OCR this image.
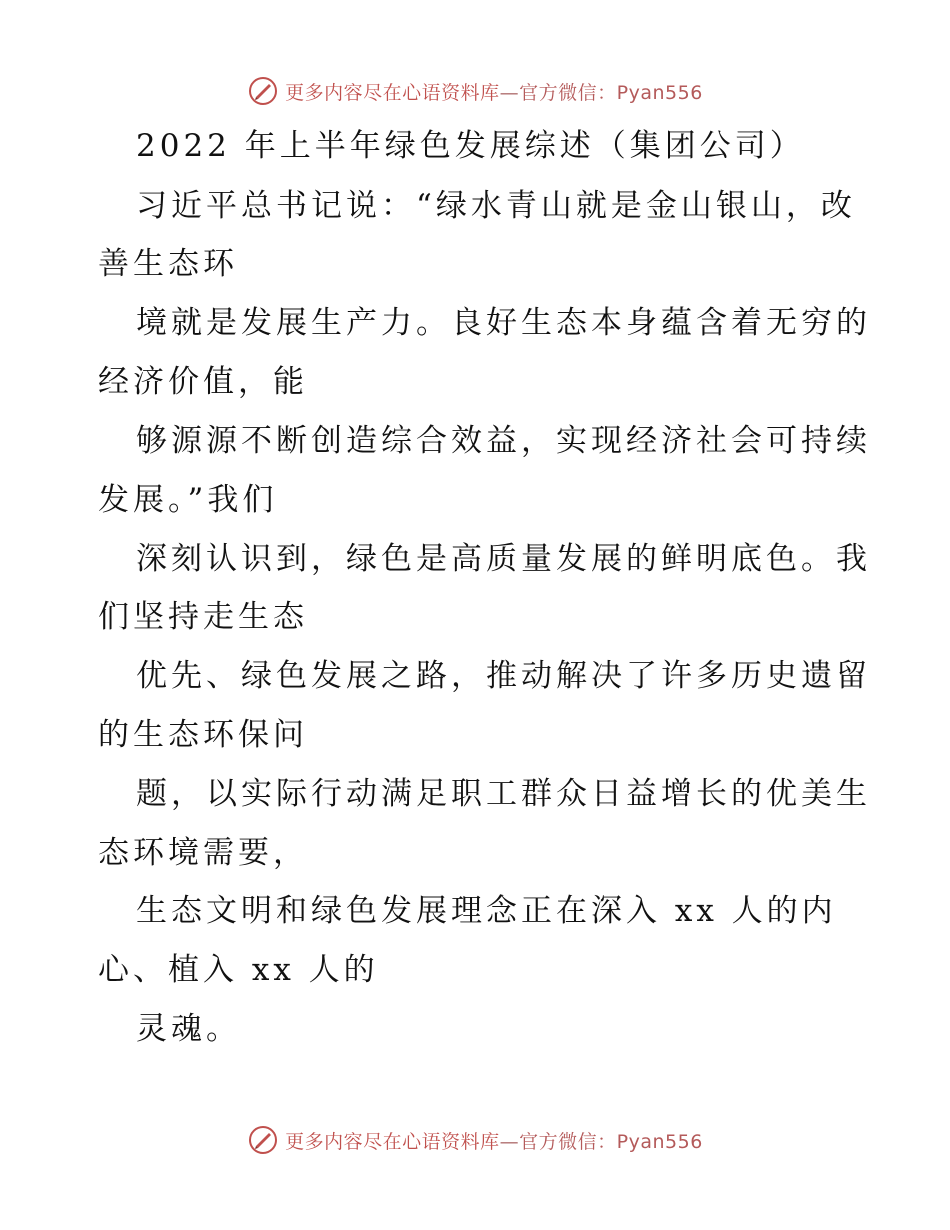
更多内容尽在心语资料库—官方微信：Pyan556
2022 年上半年绿色发展综述（集团公司）
习近平总书记说：“绿水青山就是金山银山，改
善生态环
境就是发展生产力。良好生态本身蕴含着无穷的
经济价值，能
够源源不断创造综合效益，实现经济社会可持续
发展。”我们
深刻认识到，绿色是高质量发展的鲜明底色。我
们坚持走生态
优先、绿色发展之路，推动解决了许多历史遗留
的生态环保问
题，以实际行动满足职工群众日益增长的优美生
态环境需要，
生态文明和绿色发展理念正在深入 xx 人的内
心、植入 xx 人的
灵魂。
更多内容尽在心语资料库—官方微信：Pyan556
